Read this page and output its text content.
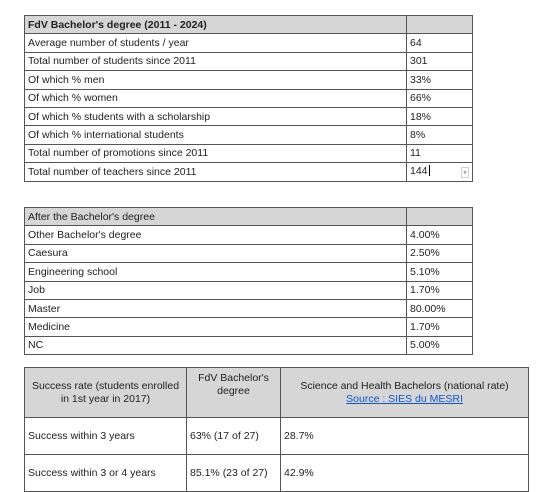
FdV Bachelor's degree (2011 - 2024)	
Average number of students / year	64
Total number of students since 2011	301
Of which % men	33%
Of which % women	66%
Of which % students with a scholarship	18%
Of which % international students	8%
Total number of promotions since 2011	11
Total number of teachers since 2011	144 ▾
After the Bachelor's degree	
Other Bachelor's degree	4.00%
Caesura	2.50%
Engineering school	5.10%
Job	1.70%
Master	80.00%
Medicine	1.70%
NC	5.00%
Success rate (students enrolled in 1st year in 2017)	FdV Bachelor's degree	Science and Health Bachelors (national rate)
Source : SIES du MESRI
Success within 3 years	63% (17 of 27)	28.7%
Success within 3 or 4 years	85.1% (23 of 27)	42.9%
